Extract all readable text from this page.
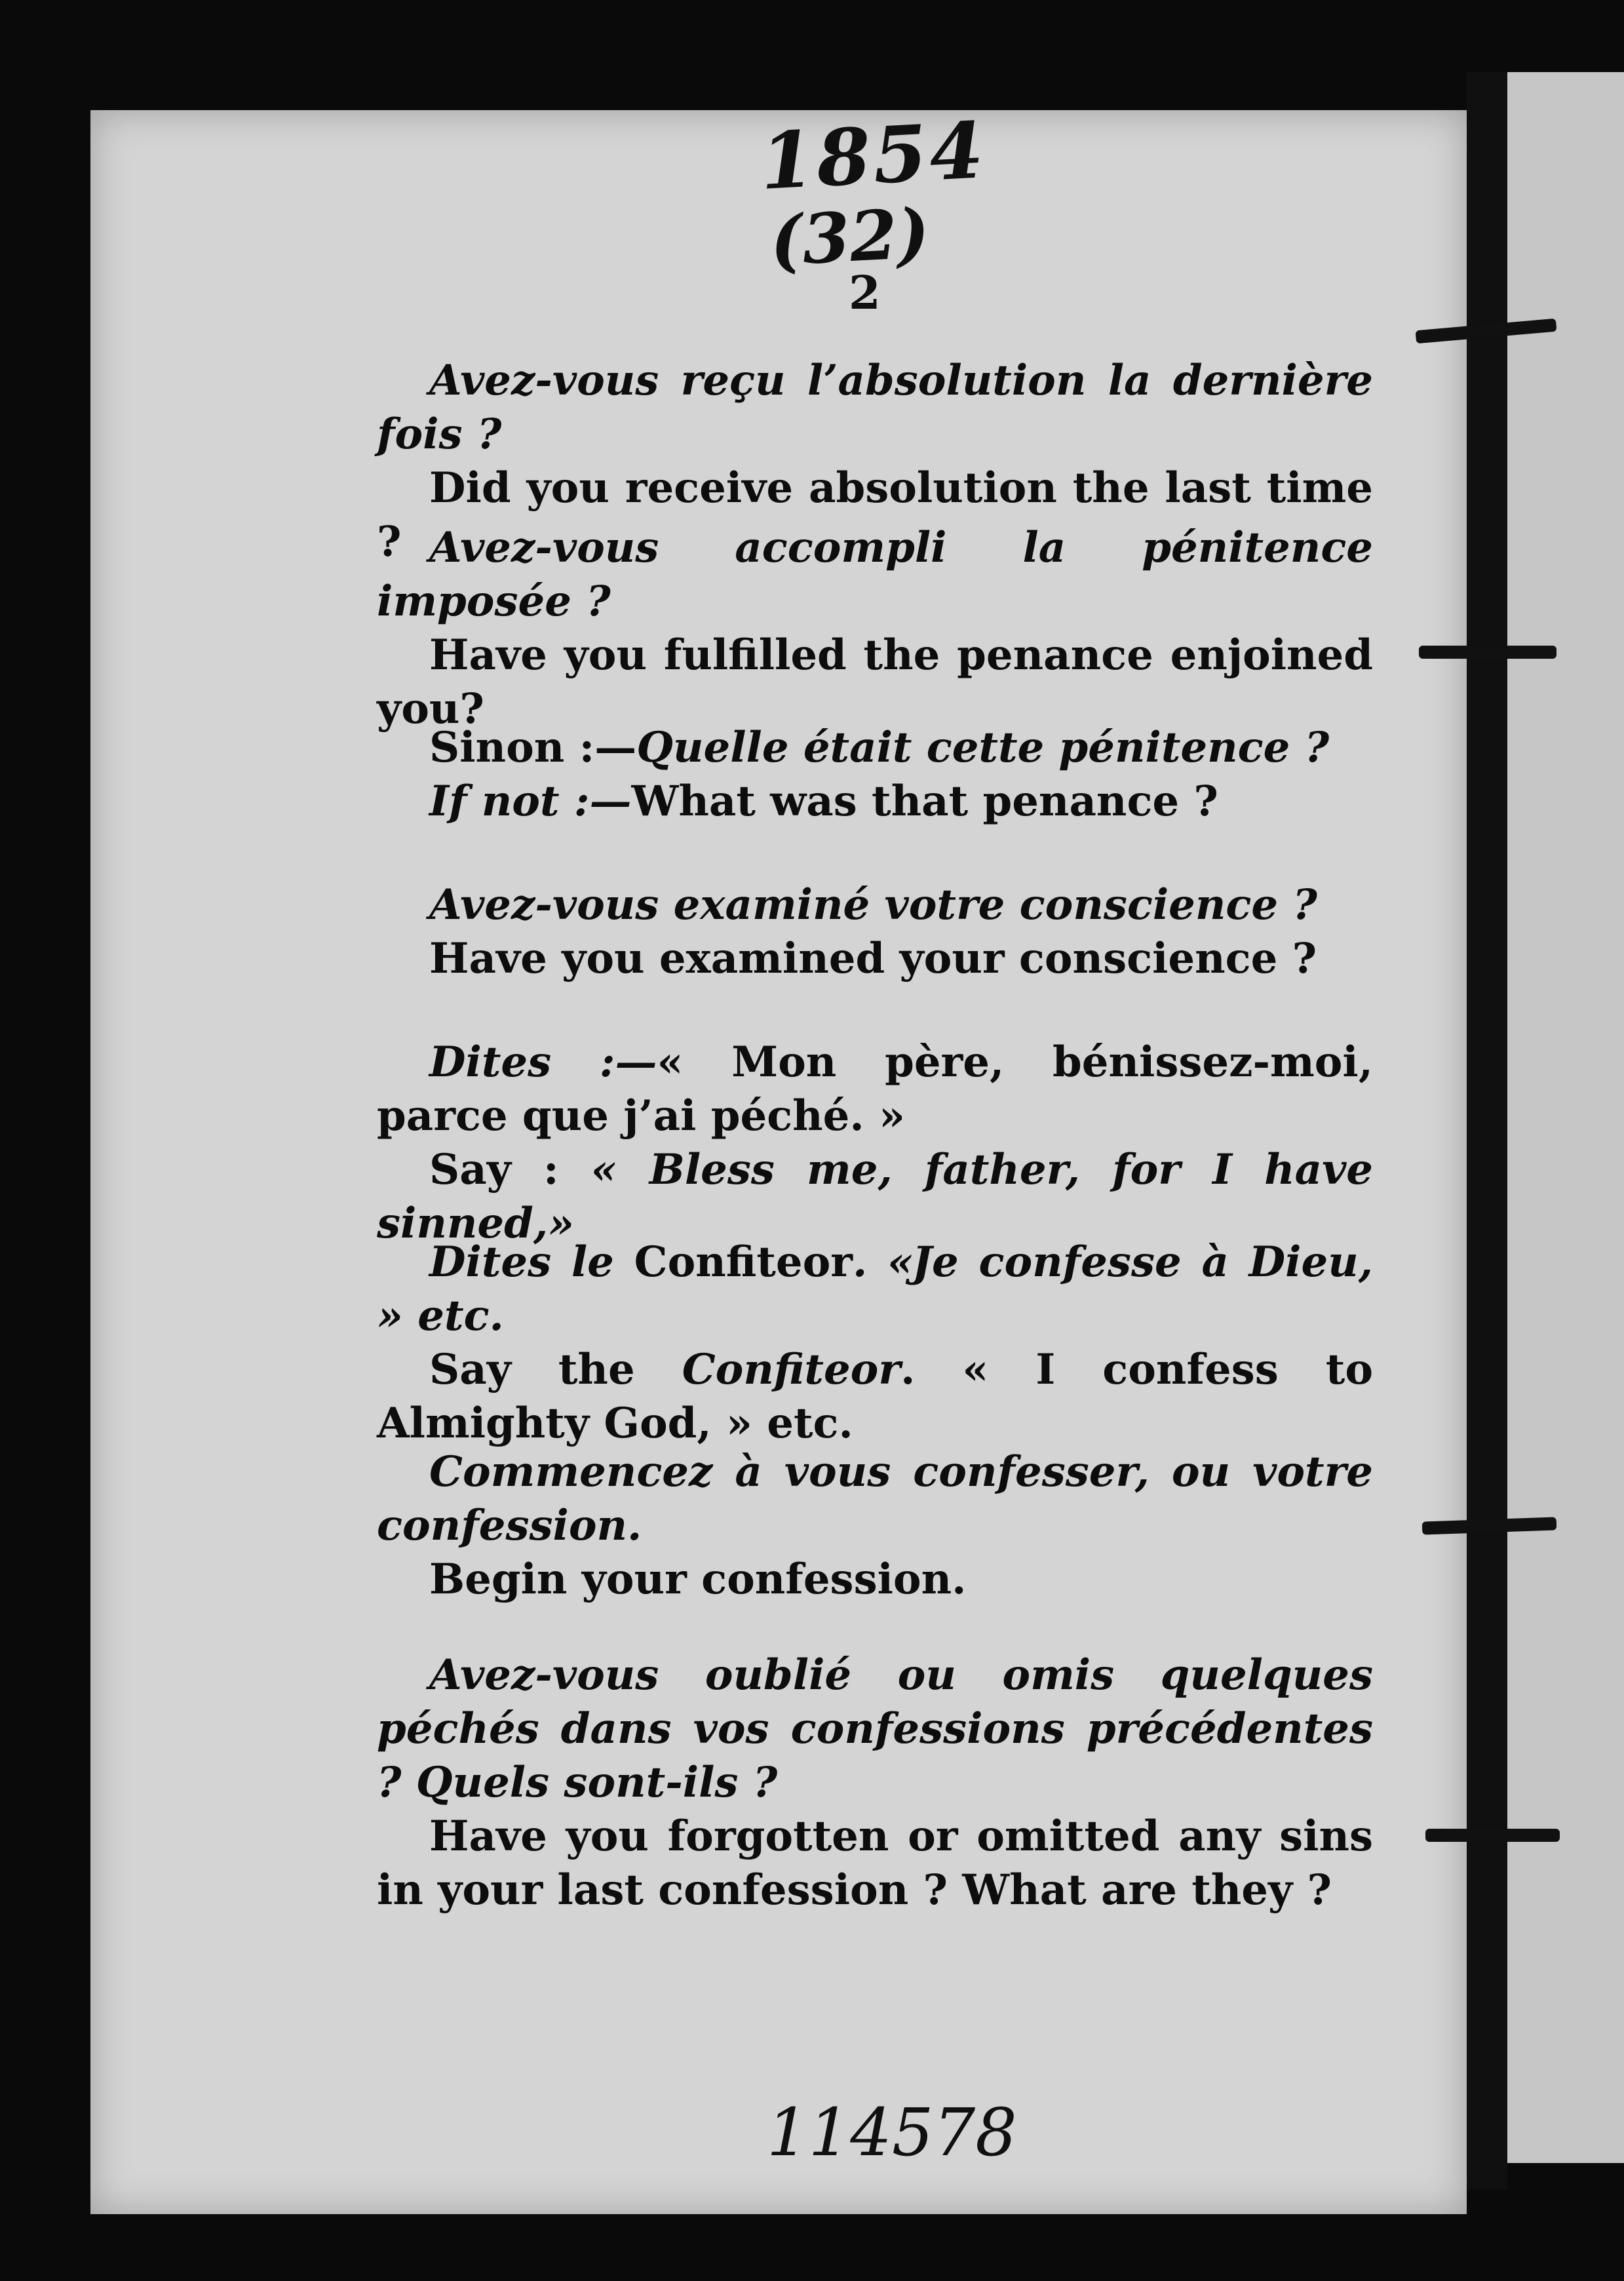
1854
(32)
2

Avez-vous reçu l’absolution la dernière fois ?

Did you receive absolution the last time ? Avez-vous accompli la pénitence imposée ?

Have you fulfilled the penance enjoined you?

Sinon :—Quelle était cette pénitence ?

If not :—What was that penance ?

Avez-vous examiné votre conscience ?

Have you examined your conscience ?

Dites :—« Mon père, bénissez-moi, parce que j’ai péché. »

Say : « Bless me, father, for I have sinned,»

Dites le Confiteor. «Je confesse à Dieu, » etc.

Say the Confiteor. « I confess to Almighty God, » etc.

Commencez à vous confesser, ou votre confession.

Begin your confession.

Avez-vous oublié ou omis quelques péchés dans vos confessions précédentes ? Quels sont-ils ?

Have you forgotten or omitted any sins in your last confession ? What are they ?

114578
